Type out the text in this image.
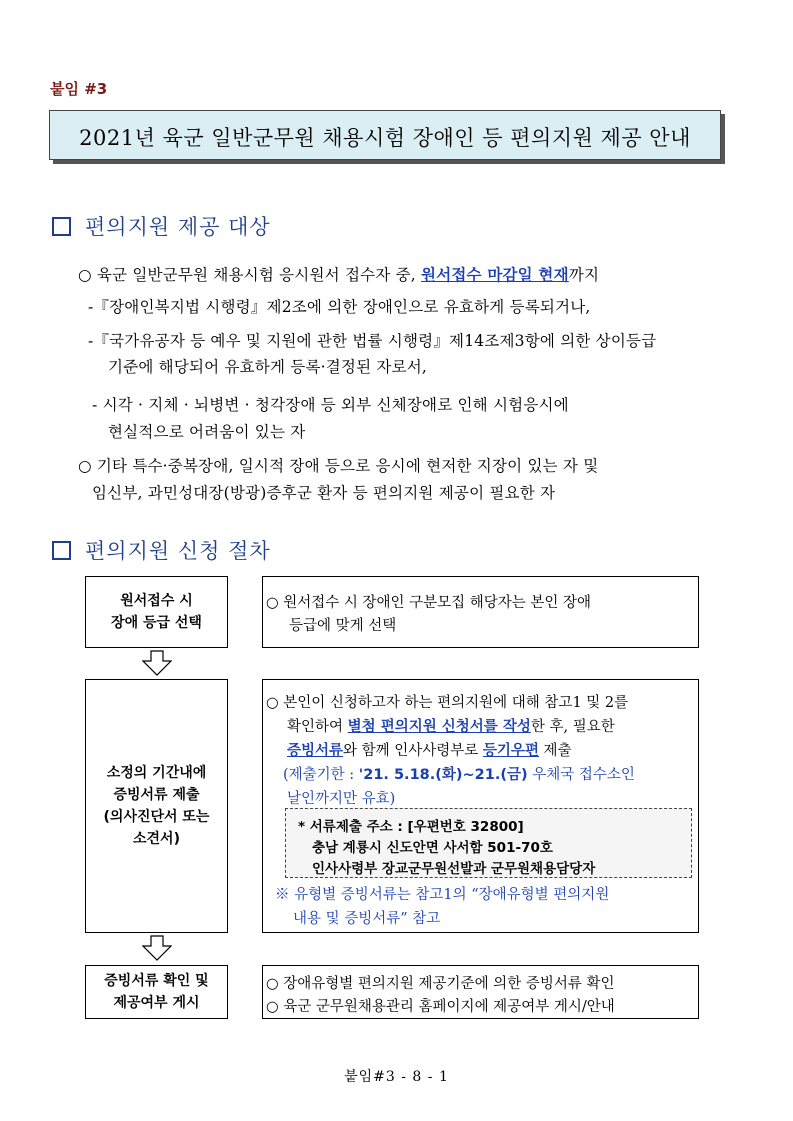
붙임 #3
2021년 육군 일반군무원 채용시험 장애인 등 편의지원 제공 안내
편의지원 제공 대상
○ 육군 일반군무원 채용시험 응시원서 접수자 중, 원서접수 마감일 현재까지
-『장애인복지법 시행령』제2조에 의한 장애인으로 유효하게 등록되거나,
-『국가유공자 등 예우 및 지원에 관한 법률 시행령』제14조제3항에 의한 상이등급
기준에 해당되어 유효하게 등록·결정된 자로서,
- 시각 · 지체 · 뇌병변 · 청각장애 등 외부 신체장애로 인해 시험응시에
현실적으로 어려움이 있는 자
○ 기타 특수·중복장애, 일시적 장애 등으로 응시에 현저한 지장이 있는 자 및
임신부, 과민성대장(방광)증후군 환자 등 편의지원 제공이 필요한 자
편의지원 신청 절차
원서접수 시
장애 등급 선택
○ 원서접수 시 장애인 구분모집 해당자는 본인 장애
등급에 맞게 선택
소정의 기간내에
증빙서류 제출
(의사진단서 또는
소견서)
○ 본인이 신청하고자 하는 편의지원에 대해 참고1 및 2를
확인하여 별첨 편의지원 신청서를 작성한 후, 필요한
증빙서류와 함께 인사사령부로 등기우편 제출
(제출기한 : '21. 5.18.(화)~21.(금) 우체국 접수소인
날인까지만 유효)
* 서류제출 주소 : [우편번호 32800]
충남 계룡시 신도안면 사서함 501-70호
인사사령부 장교군무원선발과 군무원채용담당자
※ 유형별 증빙서류는 참고1의 “장애유형별 편의지원
내용 및 증빙서류” 참고
증빙서류 확인 및
제공여부 게시
○ 장애유형별 편의지원 제공기준에 의한 증빙서류 확인
○ 육군 군무원채용관리 홈페이지에 제공여부 게시/안내
붙임#3 - 8 - 1
